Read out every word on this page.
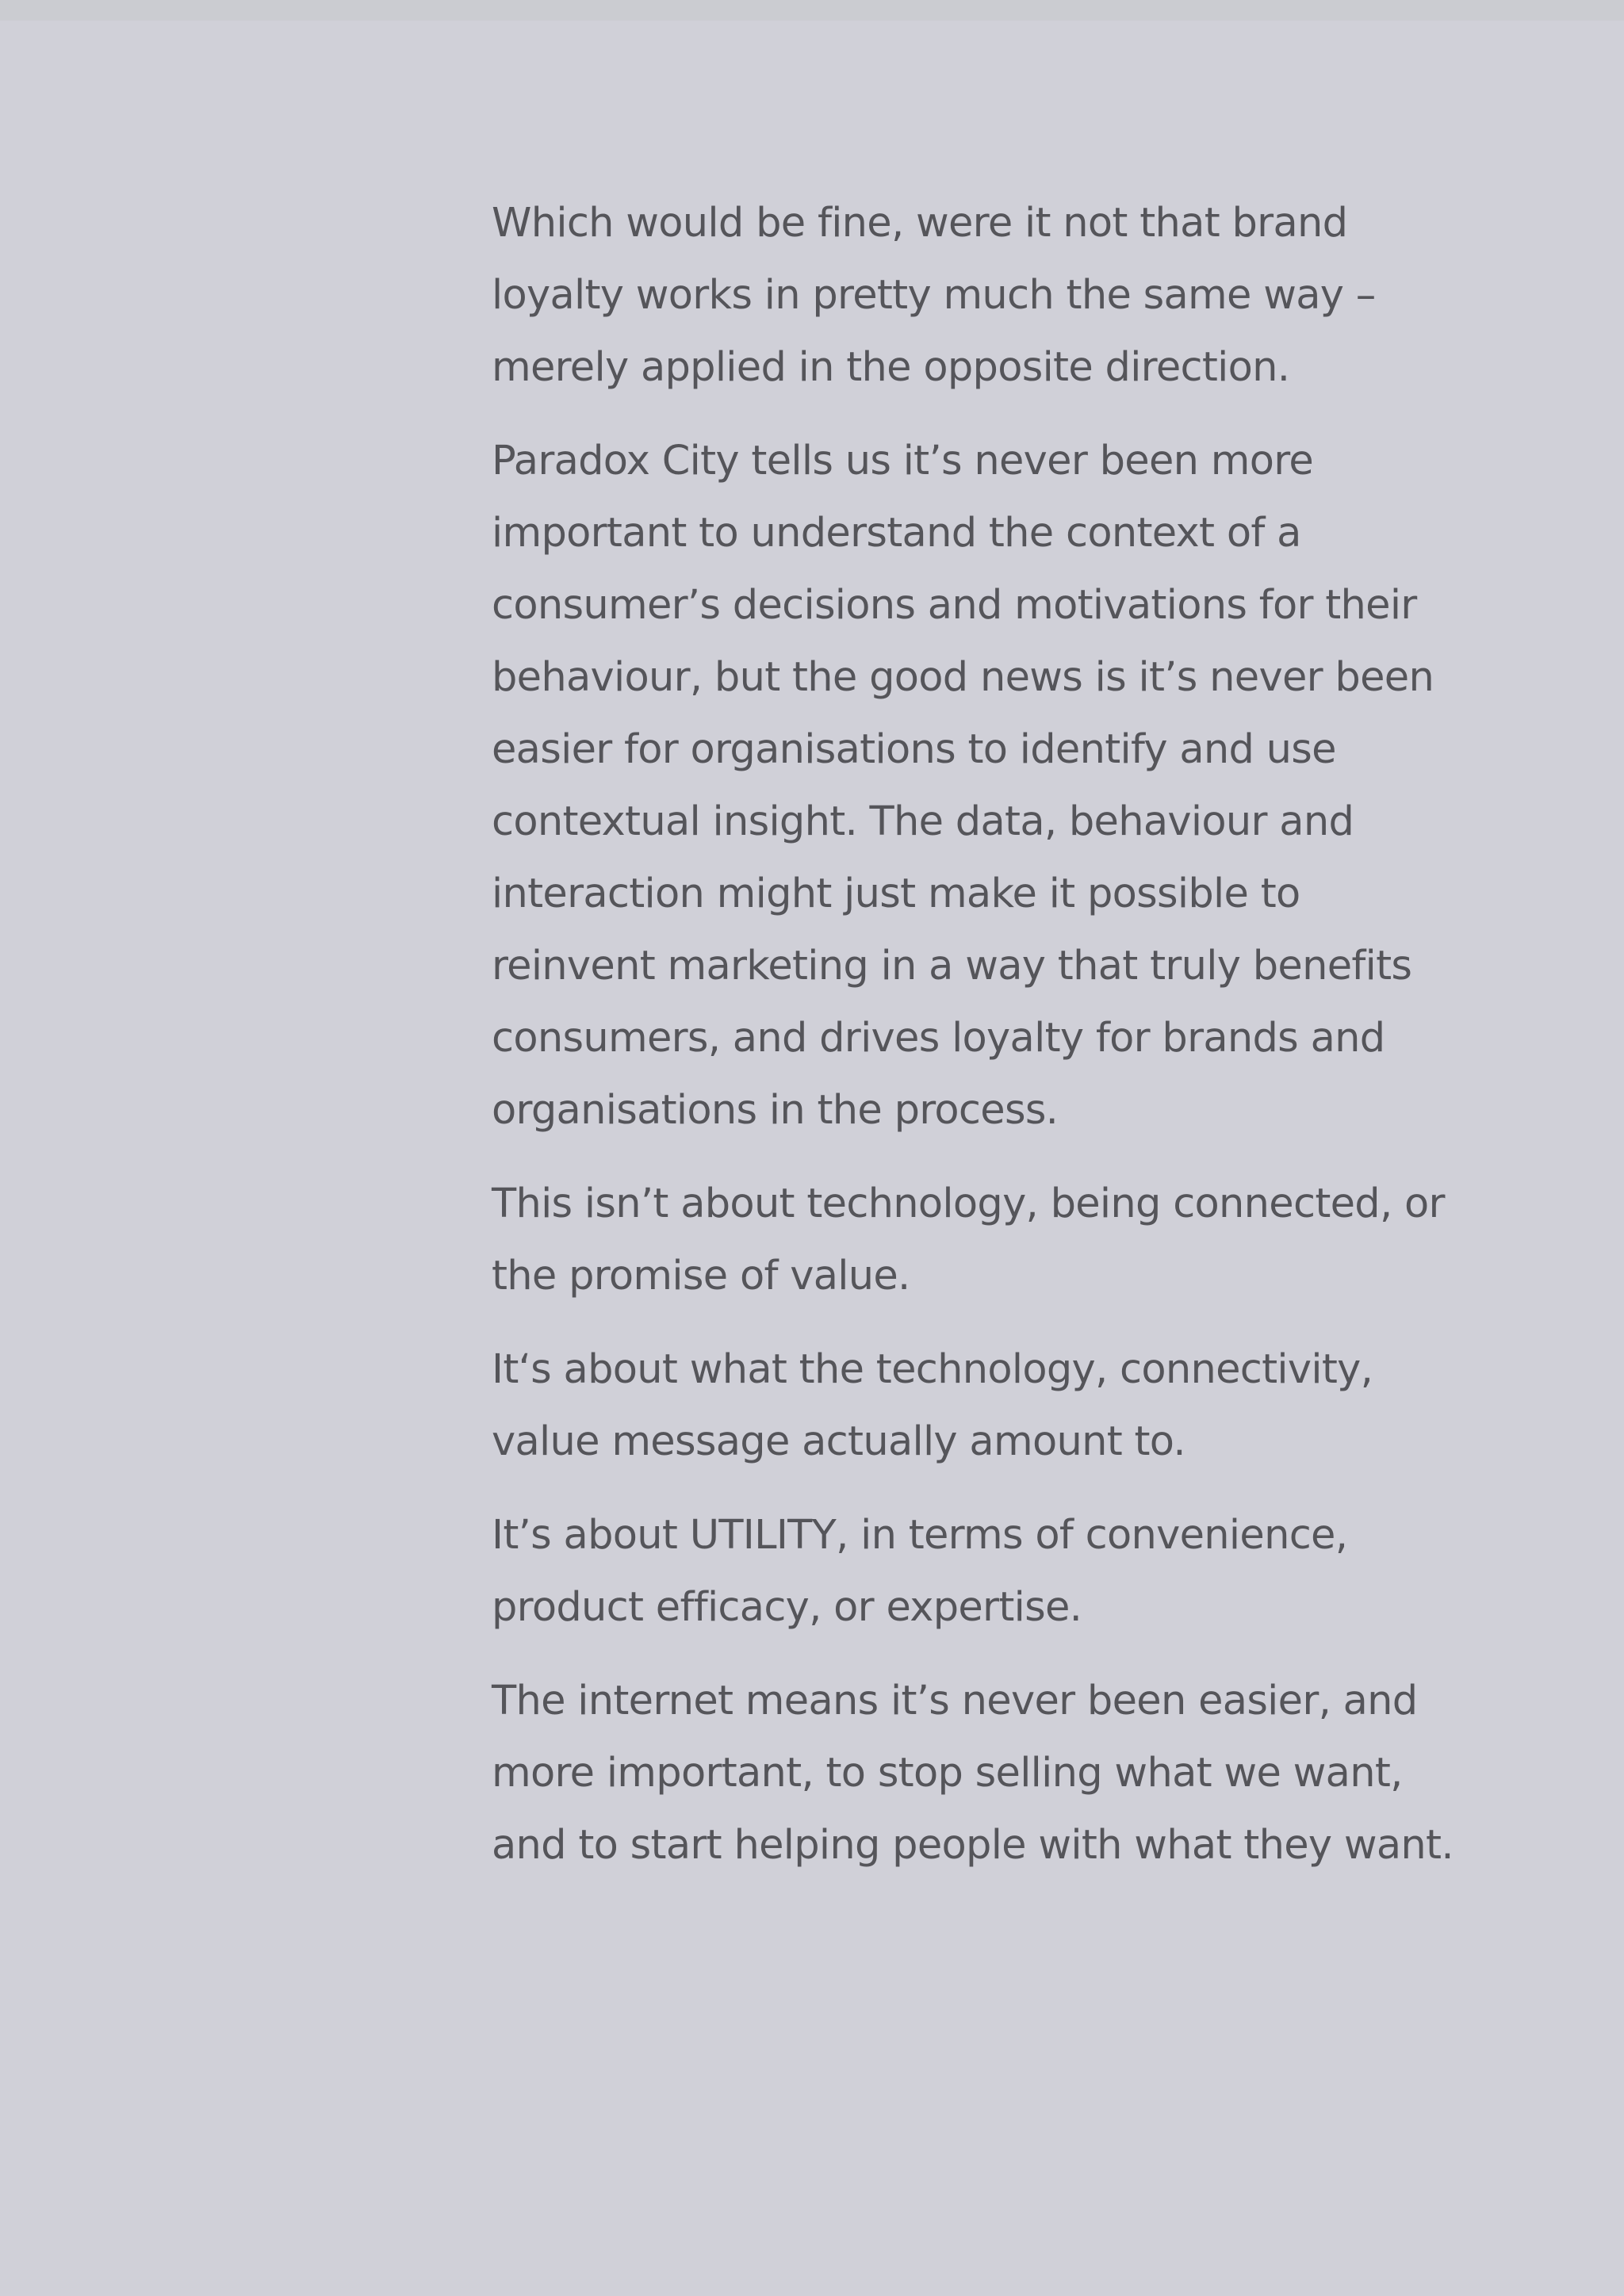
Which would be fine, were it not that brand loyalty works in pretty much the same way – merely applied in the opposite direction.

Paradox City tells us it’s never been more important to understand the context of a consumer’s decisions and motivations for their behaviour, but the good news is it’s never been easier for organisations to identify and use contextual insight. The data, behaviour and interaction might just make it possible to reinvent marketing in a way that truly benefits consumers, and drives loyalty for brands and organisations in the process.

This isn’t about technology, being connected, or the promise of value.

It‘s about what the technology, connectivity, value message actually amount to.

It’s about UTILITY, in terms of convenience, product efficacy, or expertise.

The internet means it’s never been easier, and more important, to stop selling what we want, and to start helping people with what they want.
